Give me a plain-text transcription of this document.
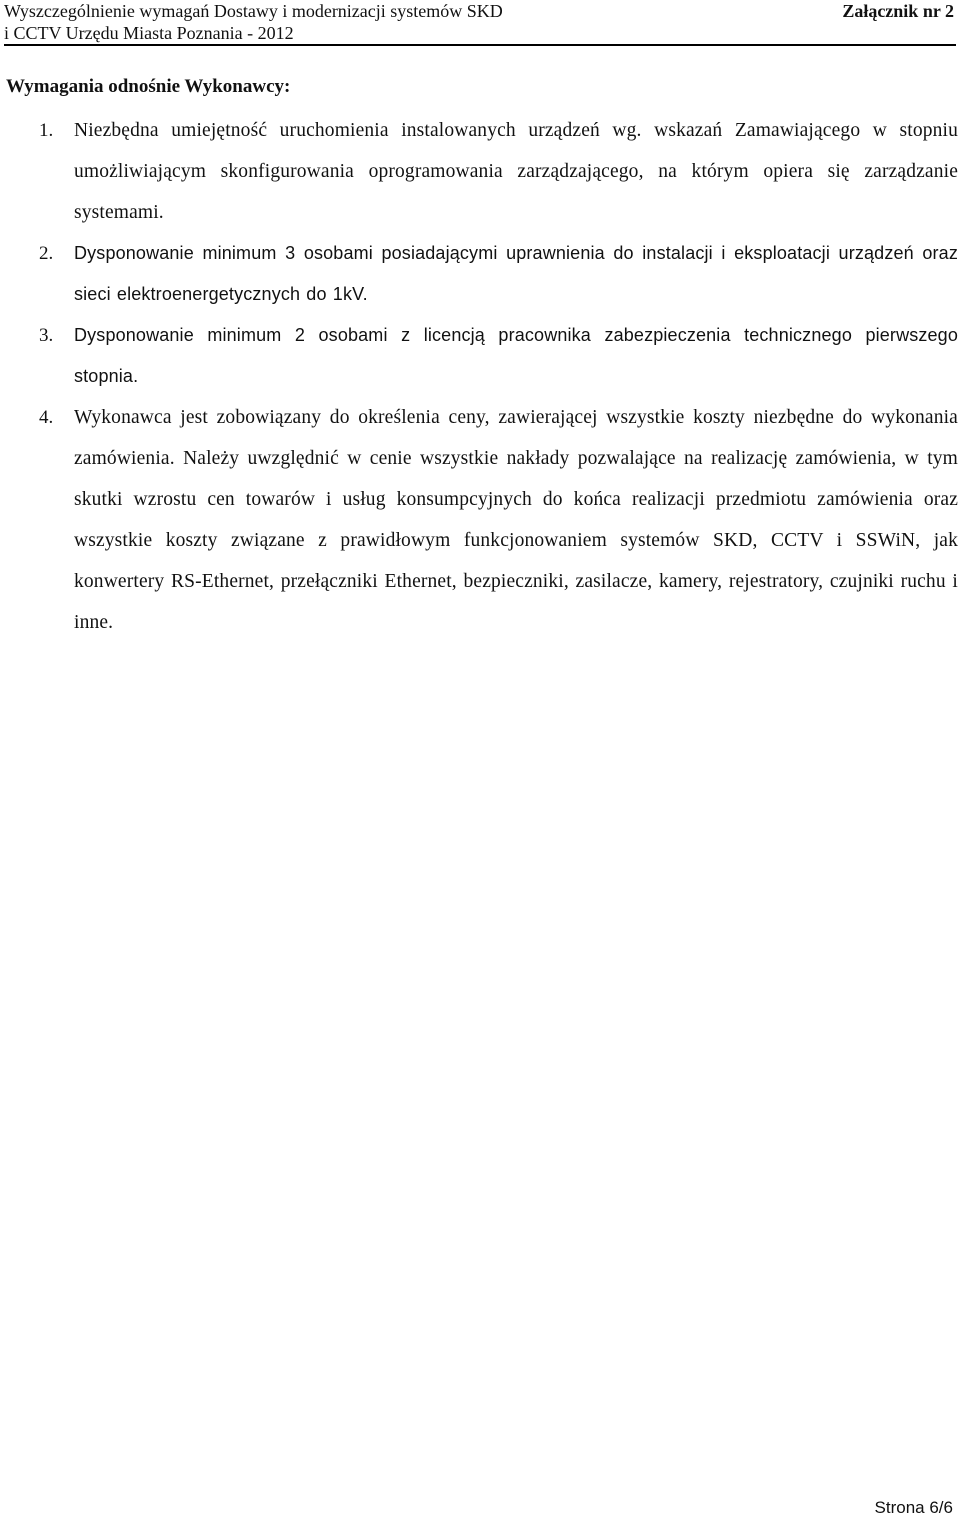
Wyszczególnienie wymagań Dostawy i modernizacji systemów SKD
i CCTV Urzędu Miasta Poznania - 2012
Załącznik nr 2
Wymagania odnośnie Wykonawcy:
1. Niezbędna umiejętność uruchomienia instalowanych urządzeń wg. wskazań Zamawiającego w stopniu umożliwiającym skonfigurowania oprogramowania zarządzającego, na którym opiera się zarządzanie systemami.
2. Dysponowanie minimum 3 osobami posiadającymi uprawnienia do instalacji i eksploatacji urządzeń oraz sieci elektroenergetycznych do 1kV.
3. Dysponowanie minimum 2 osobami z licencją pracownika zabezpieczenia technicznego pierwszego stopnia.
4. Wykonawca jest zobowiązany do określenia ceny, zawierającej wszystkie koszty niezbędne do wykonania zamówienia. Należy uwzględnić w cenie wszystkie nakłady pozwalające na realizację zamówienia, w tym skutki wzrostu cen towarów i usług konsumpcyjnych do końca realizacji przedmiotu zamówienia oraz wszystkie koszty związane z prawidłowym funkcjonowaniem systemów SKD, CCTV i SSWiN, jak konwertery RS-Ethernet, przełączniki Ethernet, bezpieczniki, zasilacze, kamery, rejestratory, czujniki ruchu i inne.
Strona 6/6
